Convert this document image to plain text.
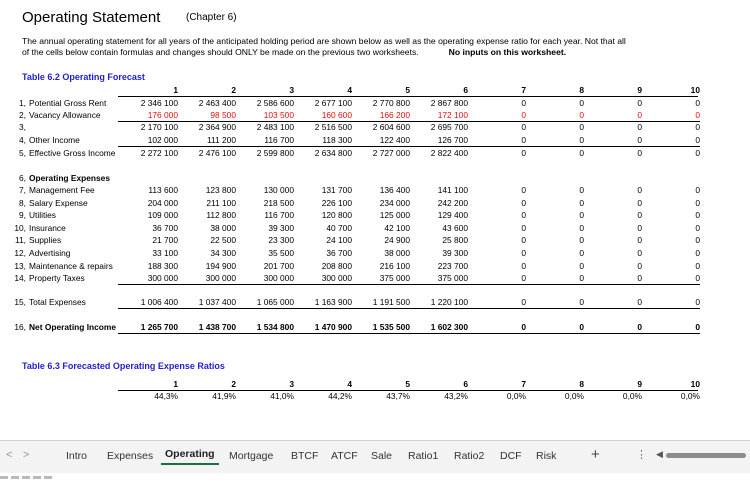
Operating Statement	(Chapter 6)
The annual operating statement for all years of the anticipated holding period are shown below as well as the operating expense ratio for each year. Not that all
of the cells below contain formulas and changes should ONLY be made on the previous two worksheets.	No inputs on this worksheet.
Table 6.2 Operating Forecast
1	2	3	4	5	6	7	8	9	10
1, Potential Gross Rent	2 346 100	2 463 400	2 586 600	2 677 100	2 770 800	2 867 800	0	0	0	0
2, Vacancy Allowance	176 000	98 500	103 500	160 600	166 200	172 100	0	0	0	0
3,	2 170 100	2 364 900	2 483 100	2 516 500	2 604 600	2 695 700	0	0	0	0
4, Other Income	102 000	111 200	116 700	118 300	122 400	126 700	0	0	0	0
5, Effective Gross Income	2 272 100	2 476 100	2 599 800	2 634 800	2 727 000	2 822 400	0	0	0	0
6, Operating Expenses
7, Management Fee	113 600	123 800	130 000	131 700	136 400	141 100	0	0	0	0
8, Salary Expense	204 000	211 100	218 500	226 100	234 000	242 200	0	0	0	0
9, Utilities	109 000	112 800	116 700	120 800	125 000	129 400	0	0	0	0
10, Insurance	36 700	38 000	39 300	40 700	42 100	43 600	0	0	0	0
11, Supplies	21 700	22 500	23 300	24 100	24 900	25 800	0	0	0	0
12, Advertising	33 100	34 300	35 500	36 700	38 000	39 300	0	0	0	0
13, Maintenance & repairs	188 300	194 900	201 700	208 800	216 100	223 700	0	0	0	0
14, Property Taxes	300 000	300 000	300 000	300 000	375 000	375 000	0	0	0	0
15, Total Expenses	1 006 400	1 037 400	1 065 000	1 163 900	1 191 500	1 220 100	0	0	0	0
16, Net Operating Income	1 265 700	1 438 700	1 534 800	1 470 900	1 535 500	1 602 300	0	0	0	0
Table 6.3 Forecasted Operating Expense Ratios
1	2	3	4	5	6	7	8	9	10
44,3%	41,9%	41,0%	44,2%	43,7%	43,2%	0,0%	0,0%	0,0%	0,0%
< >	Intro Expenses Operating Mortgage BTCF ATCF Sale Ratio1 Ratio2 DCF Risk +	⋮ ◀
